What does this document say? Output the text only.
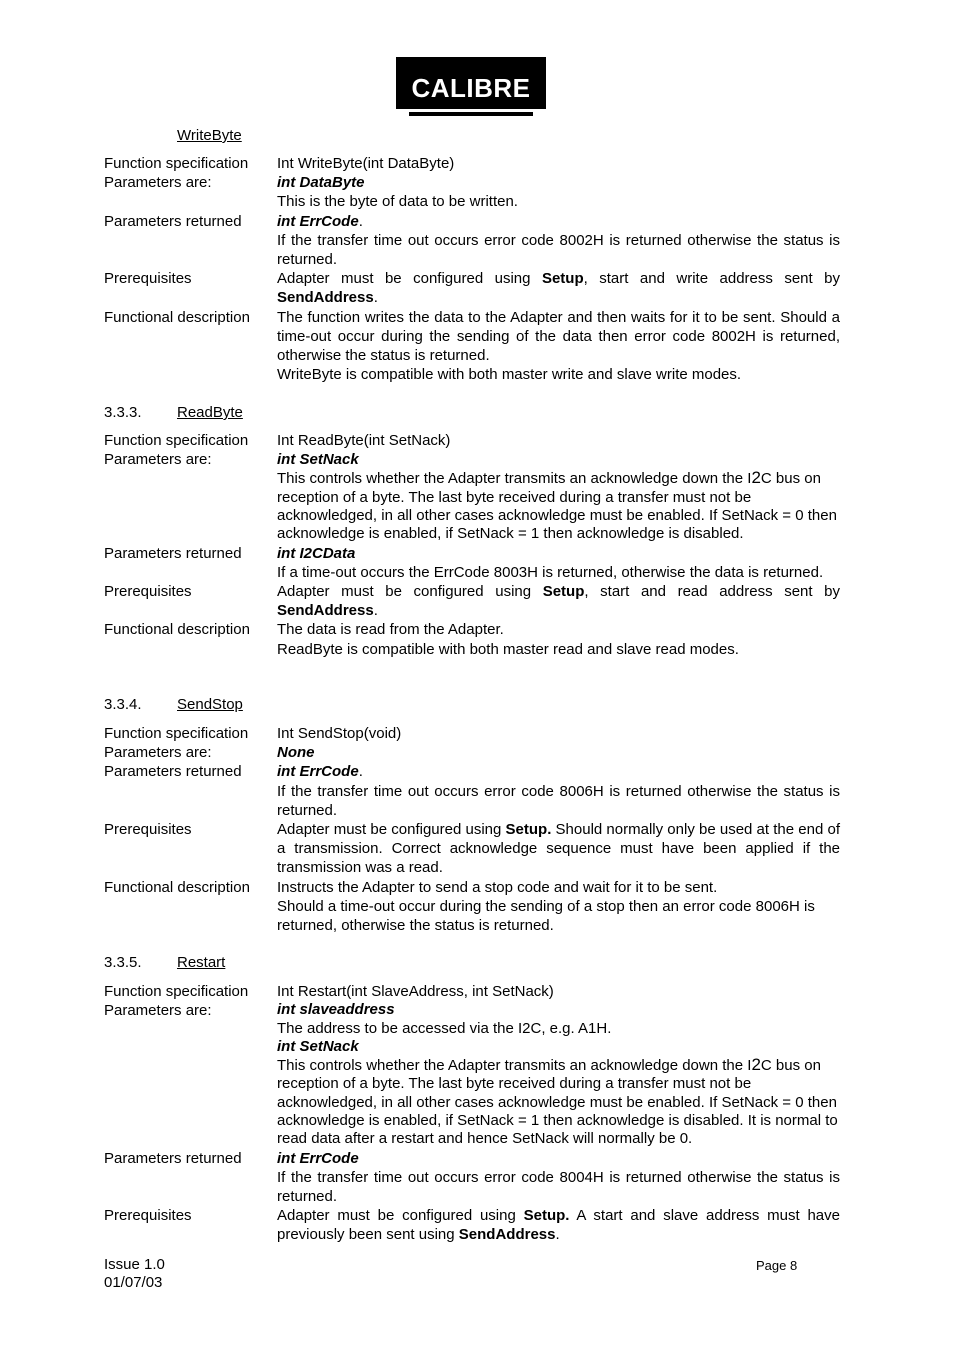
CALIBRE
WriteByte
Function specification	Int WriteByte(int DataByte)
Parameters are:	int DataByte
This is the byte of data to be written.
Parameters returned	int ErrCode.
If the transfer time out occurs error code 8002H is returned otherwise the status is returned.
Prerequisites	Adapter must be configured using Setup, start and write address sent by SendAddress.
Functional description	The function writes the data to the Adapter and then waits for it to be sent. Should a time-out occur during the sending of the data then error code 8002H is returned, otherwise the status is returned.
WriteByte is compatible with both master write and slave write modes.
3.3.3. ReadByte
Function specification	Int ReadByte(int SetNack)
Parameters are:	int SetNack
This controls whether the Adapter transmits an acknowledge down the I2C bus on reception of a byte. The last byte received during a transfer must not be acknowledged, in all other cases acknowledge must be enabled. If SetNack = 0 then acknowledge is enabled, if SetNack = 1 then acknowledge is disabled.
Parameters returned	int I2CData
If a time-out occurs the ErrCode 8003H is returned, otherwise the data is returned.
Prerequisites	Adapter must be configured using Setup, start and read address sent by SendAddress.
Functional description	The data is read from the Adapter.
ReadByte is compatible with both master read and slave read modes.
3.3.4. SendStop
Function specification	Int SendStop(void)
Parameters are:	None
Parameters returned	int ErrCode.
If the transfer time out occurs error code 8006H is returned otherwise the status is returned.
Prerequisites	Adapter must be configured using Setup. Should normally only be used at the end of a transmission. Correct acknowledge sequence must have been applied if the transmission was a read.
Functional description	Instructs the Adapter to send a stop code and wait for it to be sent.
Should a time-out occur during the sending of a stop then an error code 8006H is returned, otherwise the status is returned.
3.3.5. Restart
Function specification	Int Restart(int SlaveAddress, int SetNack)
Parameters are:	int slaveaddress
The address to be accessed via the I2C, e.g. A1H.
int SetNack
This controls whether the Adapter transmits an acknowledge down the I2C bus on reception of a byte. The last byte received during a transfer must not be acknowledged, in all other cases acknowledge must be enabled. If SetNack = 0 then acknowledge is enabled, if SetNack = 1 then acknowledge is disabled. It is normal to read data after a restart and hence SetNack will normally be 0.
Parameters returned	int ErrCode
If the transfer time out occurs error code 8004H is returned otherwise the status is returned.
Prerequisites	Adapter must be configured using Setup. A start and slave address must have previously been sent using SendAddress.
Issue 1.0
01/07/03
Page 8
